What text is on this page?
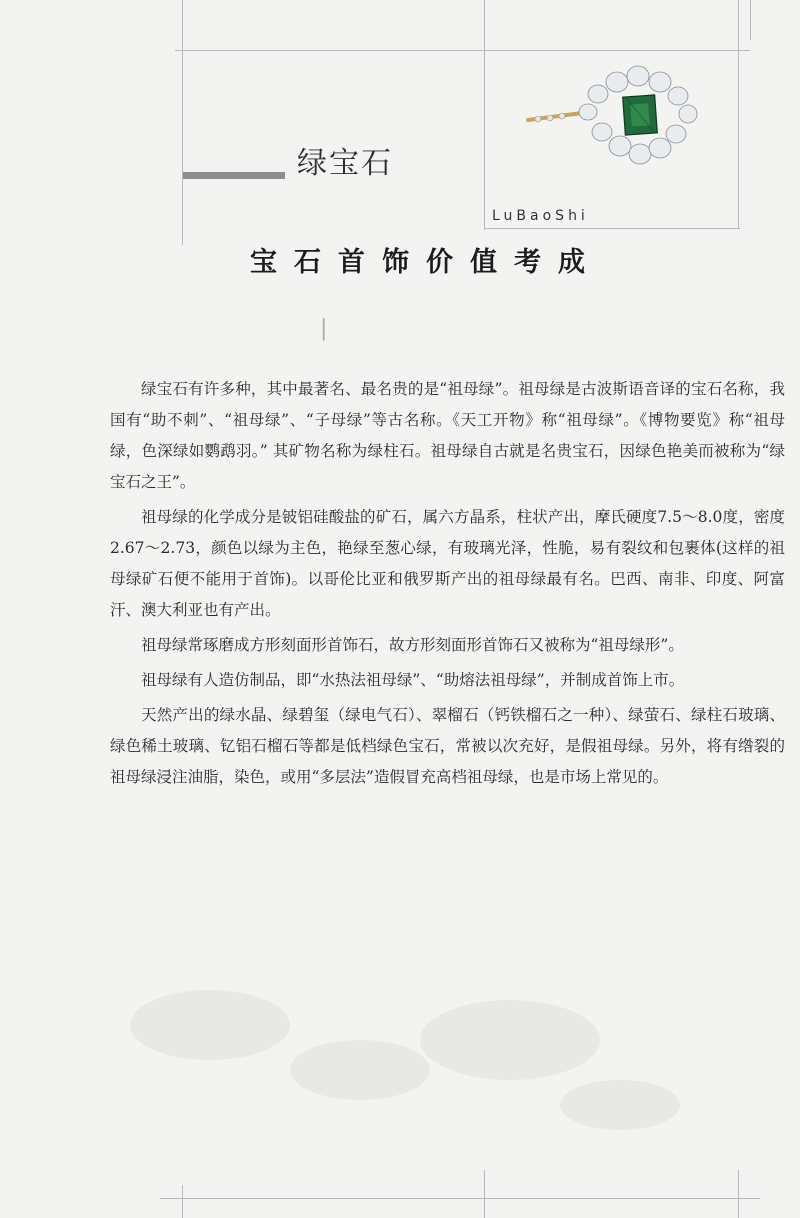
绿宝石
LuBaoShi
宝石首饰价值考成
|

绿宝石有许多种，其中最著名、最名贵的是“祖母绿”。祖母绿是古波斯语音译的宝石名称，我国有“助不刺”、“祖母绿”、“子母绿”等古名称。《天工开物》称“祖母绿”。《博物要览》称“祖母绿，色深绿如鹦鹉羽。” 其矿物名称为绿柱石。祖母绿自古就是名贵宝石，因绿色艳美而被称为“绿宝石之王”。

祖母绿的化学成分是铍铝硅酸盐的矿石，属六方晶系，柱状产出，摩氏硬度7.5～8.0度，密度 2.67～2.73，颜色以绿为主色，艳绿至葱心绿，有玻璃光泽，性脆，易有裂纹和包裹体(这样的祖母绿矿石便不能用于首饰)。以哥伦比亚和俄罗斯产出的祖母绿最有名。巴西、南非、印度、阿富汗、澳大利亚也有产出。

祖母绿常琢磨成方形刻面形首饰石，故方形刻面形首饰石又被称为“祖母绿形”。

祖母绿有人造仿制品，即“水热法祖母绿”、“助熔法祖母绿”，并制成首饰上市。

天然产出的绿水晶、绿碧玺（绿电气石）、翠榴石（钙铁榴石之一种）、绿萤石、绿柱石玻璃、绿色稀土玻璃、钇铝石榴石等都是低档绿色宝石，常被以次充好，是假祖母绿。另外，将有绺裂的祖母绿浸注油脂，染色，或用“多层法”造假冒充高档祖母绿，也是市场上常见的。
